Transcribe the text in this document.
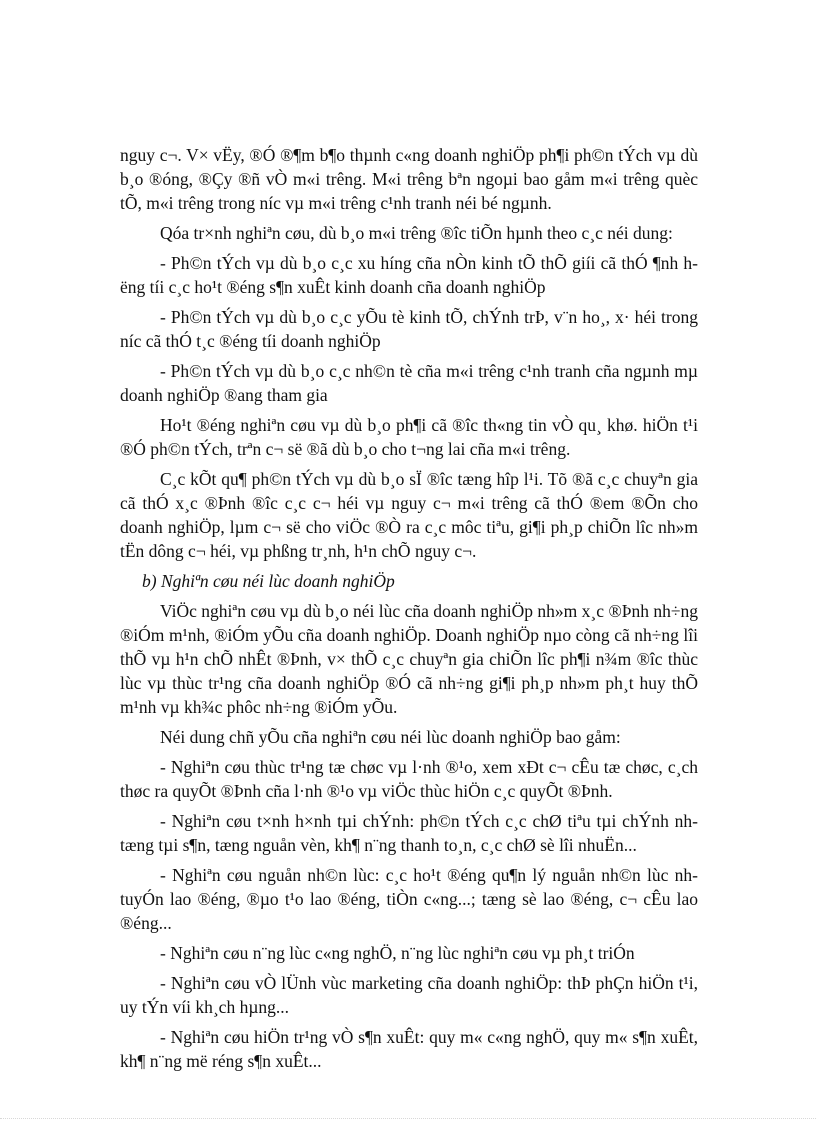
nguy c¬. V× vËy, ®Ó ®¶m b¶o thµnh c«ng doanh nghiÖp ph¶i ph©n tÝch vµ dù b¸o ®óng, ®Çy ®ñ vÒ m«i trêng. M«i trêng bªn ngoµi bao gåm m«i trêng quèc tÕ, m«i trêng trong níc vµ m«i trêng c¹nh tranh néi bé ngµnh.

Qóa tr×nh nghiªn cøu, dù b¸o m«i trêng ®îc tiÕn hµnh theo c¸c néi dung:

- Ph©n tÝch vµ dù b¸o c¸c xu híng cña nÒn kinh tÕ thÕ giíi cã thÓ ¶nh hëng tíi c¸c ho¹t ®éng s¶n xuÊt kinh doanh cña doanh nghiÖp

- Ph©n tÝch vµ dù b¸o c¸c yÕu tè kinh tÕ, chÝnh trÞ, v¨n ho¸, x· héi trong níc cã thÓ t¸c ®éng tíi doanh nghiÖp

- Ph©n tÝch vµ dù b¸o c¸c nh©n tè cña m«i trêng c¹nh tranh cña ngµnh mµ doanh nghiÖp ®ang tham gia

Ho¹t ®éng nghiªn cøu vµ dù b¸o ph¶i cã ®îc th«ng tin vÒ qu¸ khø. hiÖn t¹i ®Ó ph©n tÝch, trªn c¬ së ®ã dù b¸o cho t¬ng lai cña m«i trêng.

C¸c kÕt qu¶ ph©n tÝch vµ dù b¸o sÏ ®îc tæng hîp l¹i. Tõ ®ã c¸c chuyªn gia cã thÓ x¸c ®Þnh ®îc c¸c c¬ héi vµ nguy c¬ m«i trêng cã thÓ ®em ®Õn cho doanh nghiÖp, lµm c¬ së cho viÖc ®Ò ra c¸c môc tiªu, gi¶i ph¸p chiÕn lîc nh»m tËn dông c¬ héi, vµ phßng tr¸nh, h¹n chÕ nguy c¬.

b) Nghiªn cøu néi lùc doanh nghiÖp

ViÖc nghiªn cøu vµ dù b¸o néi lùc cña doanh nghiÖp nh»m x¸c ®Þnh nh÷ng ®iÓm m¹nh, ®iÓm yÕu cña doanh nghiÖp. Doanh nghiÖp nµo còng cã nh÷ng lîi thÕ vµ h¹n chÕ nhÊt ®Þnh, v× thÕ c¸c chuyªn gia chiÕn lîc ph¶i n¾m ®îc thùc lùc vµ thùc tr¹ng cña doanh nghiÖp ®Ó cã nh÷ng gi¶i ph¸p nh»m ph¸t huy thÕ m¹nh vµ kh¾c phôc nh÷ng ®iÓm yÕu.

Néi dung chñ yÕu cña nghiªn cøu néi lùc doanh nghiÖp bao gåm:

- Nghiªn cøu thùc tr¹ng tæ chøc vµ l·nh ®¹o, xem xÐt c¬ cÊu tæ chøc, c¸ch thøc ra quyÕt ®Þnh cña l·nh ®¹o vµ viÖc thùc hiÖn c¸c quyÕt ®Þnh.

- Nghiªn cøu t×nh h×nh tµi chÝnh: ph©n tÝch c¸c chØ tiªu tµi chÝnh nh tæng tµi s¶n, tæng nguån vèn, kh¶ n¨ng thanh to¸n, c¸c chØ sè lîi nhuËn...

- Nghiªn cøu nguån nh©n lùc: c¸c ho¹t ®éng qu¶n lý nguån nh©n lùc nh tuyÓn lao ®éng, ®µo t¹o lao ®éng, tiÒn c«ng...; tæng sè lao ®éng, c¬ cÊu lao ®éng...

- Nghiªn cøu n¨ng lùc c«ng nghÖ, n¨ng lùc nghiªn cøu vµ ph¸t triÓn

- Nghiªn cøu vÒ lÜnh vùc marketing cña doanh nghiÖp: thÞ phÇn hiÖn t¹i, uy tÝn víi kh¸ch hµng...

- Nghiªn cøu hiÖn tr¹ng vÒ s¶n xuÊt: quy m« c«ng nghÖ, quy m« s¶n xuÊt, kh¶ n¨ng më réng s¶n xuÊt...
